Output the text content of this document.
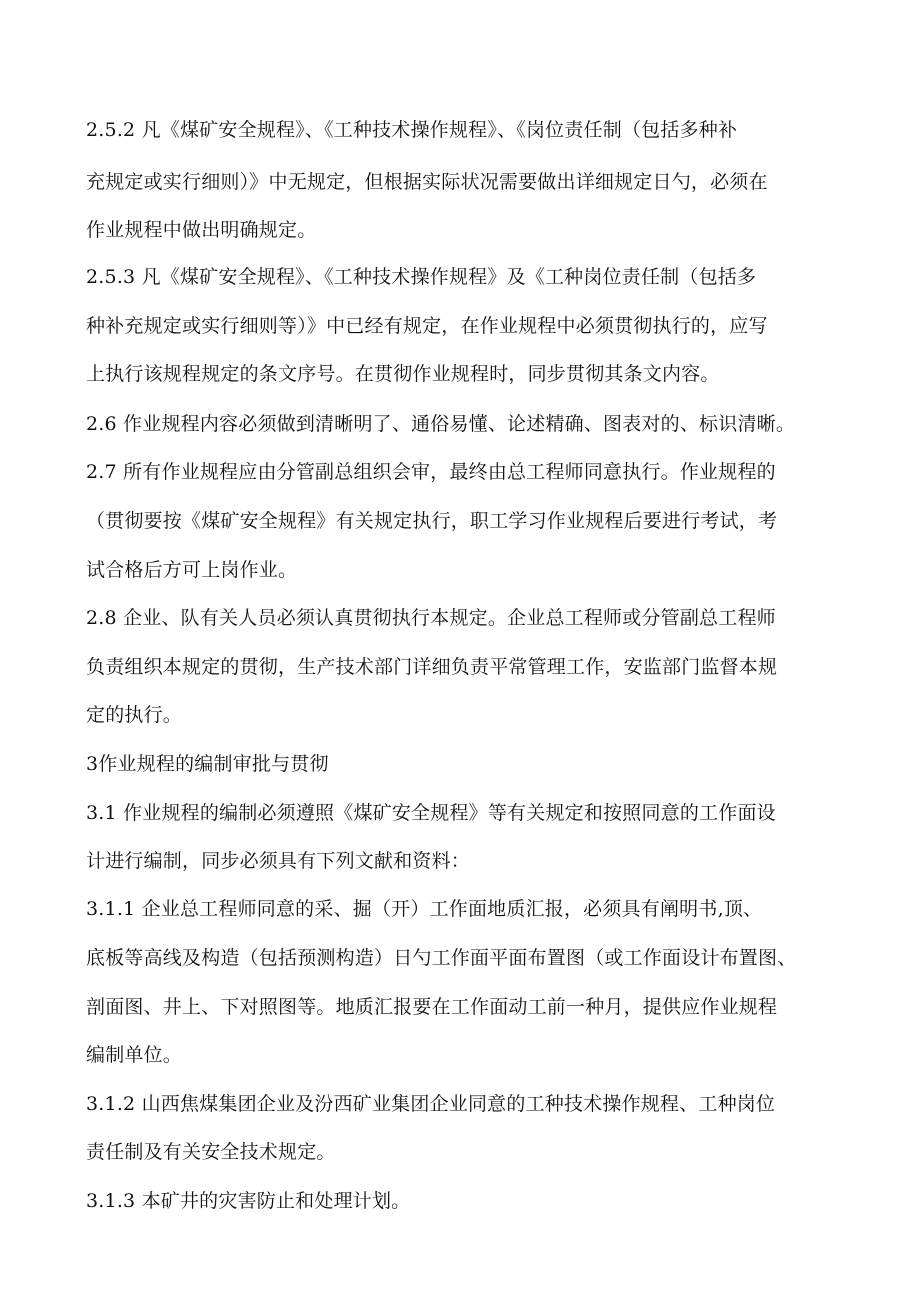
2.5.2 凡《煤矿安全规程》、《工种技术操作规程》、《岗位责任制（包括多种补
充规定或实行细则）》中无规定，但根据实际状况需要做出详细规定日勺，必须在
作业规程中做出明确规定。
2.5.3 凡《煤矿安全规程》、《工种技术操作规程》及《工种岗位责任制（包括多
种补充规定或实行细则等）》中已经有规定，在作业规程中必须贯彻执行的，应写
上执行该规程规定的条文序号。在贯彻作业规程时，同步贯彻其条文内容。
2.6 作业规程内容必须做到清晰明了、通俗易懂、论述精确、图表对的、标识清晰。
2.7 所有作业规程应由分管副总组织会审，最终由总工程师同意执行。作业规程的
（贯彻要按《煤矿安全规程》有关规定执行，职工学习作业规程后要进行考试，考
试合格后方可上岗作业。
2.8 企业、队有关人员必须认真贯彻执行本规定。企业总工程师或分管副总工程师
负责组织本规定的贯彻，生产技术部门详细负责平常管理工作，安监部门监督本规
定的执行。
3作业规程的编制审批与贯彻
3.1 作业规程的编制必须遵照《煤矿安全规程》等有关规定和按照同意的工作面设
计进行编制，同步必须具有下列文献和资料：
3.1.1 企业总工程师同意的采、掘（开）工作面地质汇报，必须具有阐明书,顶、
底板等高线及构造（包括预测构造）日勺工作面平面布置图（或工作面设计布置图、
剖面图、井上、下对照图等。地质汇报要在工作面动工前一种月，提供应作业规程
编制单位。
3.1.2 山西焦煤集团企业及汾西矿业集团企业同意的工种技术操作规程、工种岗位
责任制及有关安全技术规定。
3.1.3 本矿井的灾害防止和处理计划。
